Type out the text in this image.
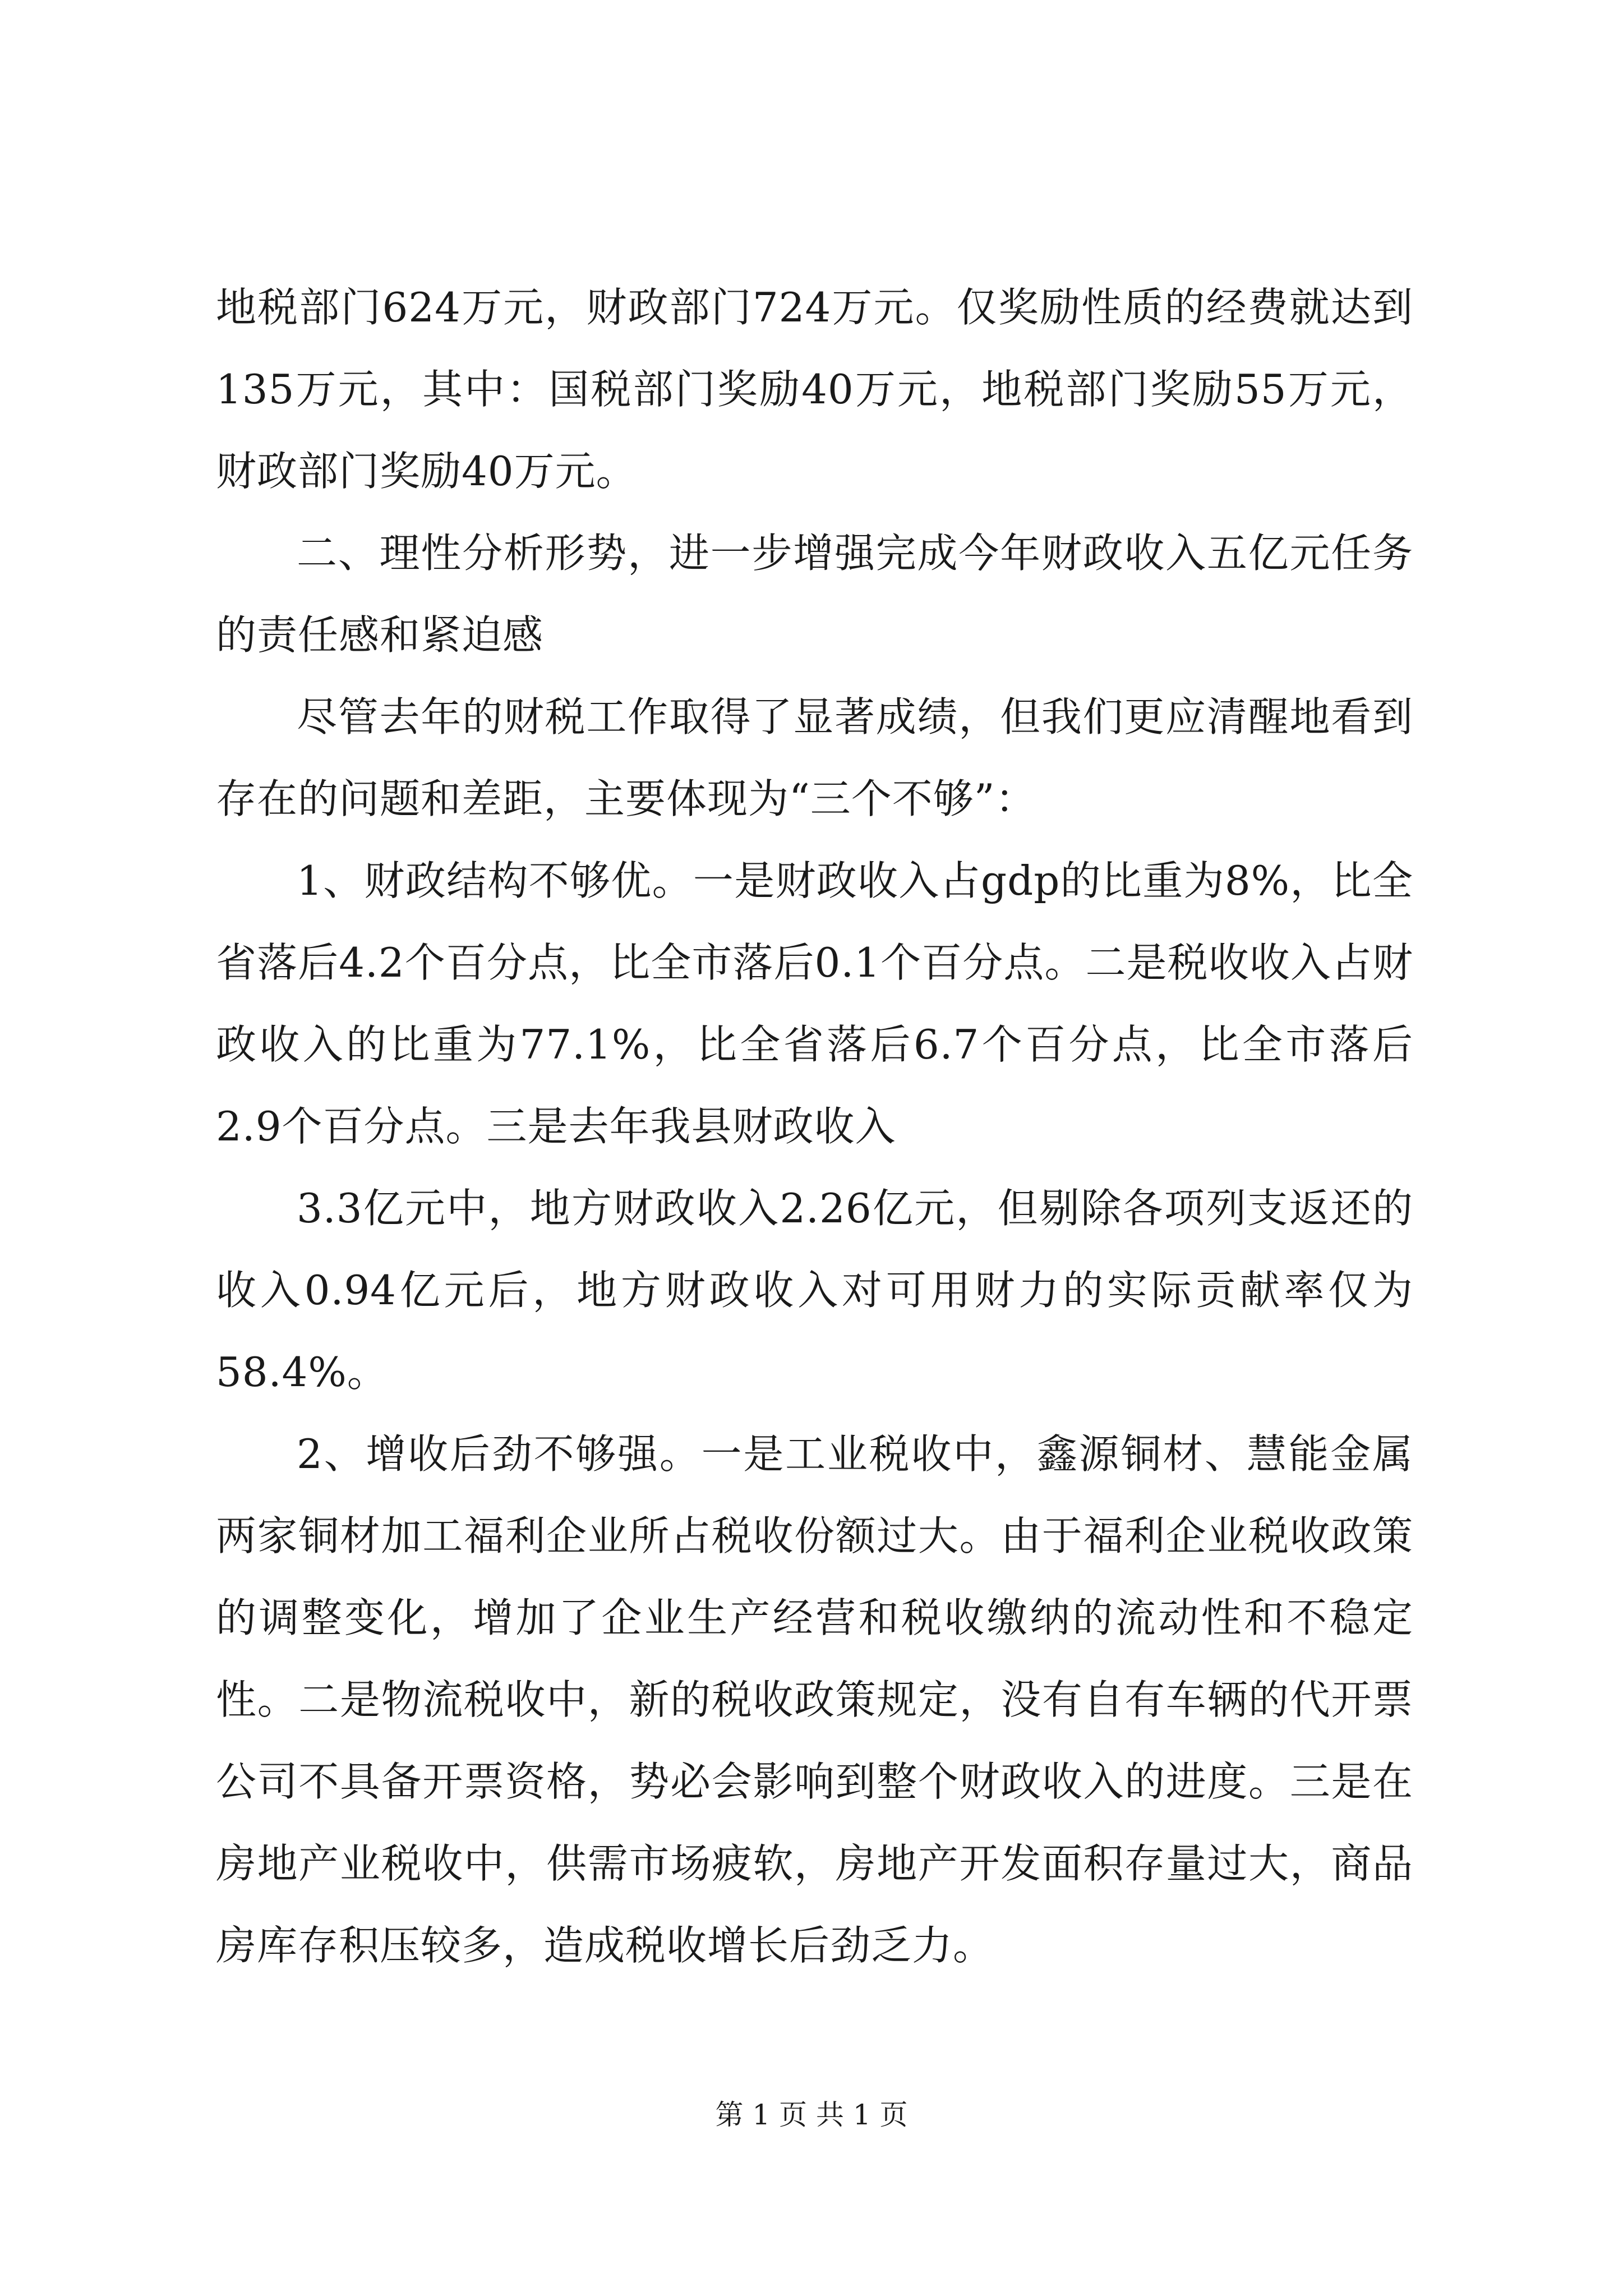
地税部门624万元，财政部门724万元。仅奖励性质的经费就达到135万元，其中：国税部门奖励40万元，地税部门奖励55万元，财政部门奖励40万元。

二、理性分析形势，进一步增强完成今年财政收入五亿元任务的责任感和紧迫感

尽管去年的财税工作取得了显著成绩，但我们更应清醒地看到存在的问题和差距，主要体现为“三个不够”：

1、财政结构不够优。一是财政收入占gdp的比重为8%，比全省落后4.2个百分点，比全市落后0.1个百分点。二是税收收入占财政收入的比重为77.1%，比全省落后6.7个百分点，比全市落后2.9个百分点。三是去年我县财政收入

3.3亿元中，地方财政收入2.26亿元，但剔除各项列支返还的收入0.94亿元后，地方财政收入对可用财力的实际贡献率仅为58.4%。

2、增收后劲不够强。一是工业税收中，鑫源铜材、慧能金属两家铜材加工福利企业所占税收份额过大。由于福利企业税收政策的调整变化，增加了企业生产经营和税收缴纳的流动性和不稳定性。二是物流税收中，新的税收政策规定，没有自有车辆的代开票公司不具备开票资格，势必会影响到整个财政收入的进度。三是在房地产业税收中，供需市场疲软，房地产开发面积存量过大，商品房库存积压较多，造成税收增长后劲乏力。

第 1 页 共 1 页
